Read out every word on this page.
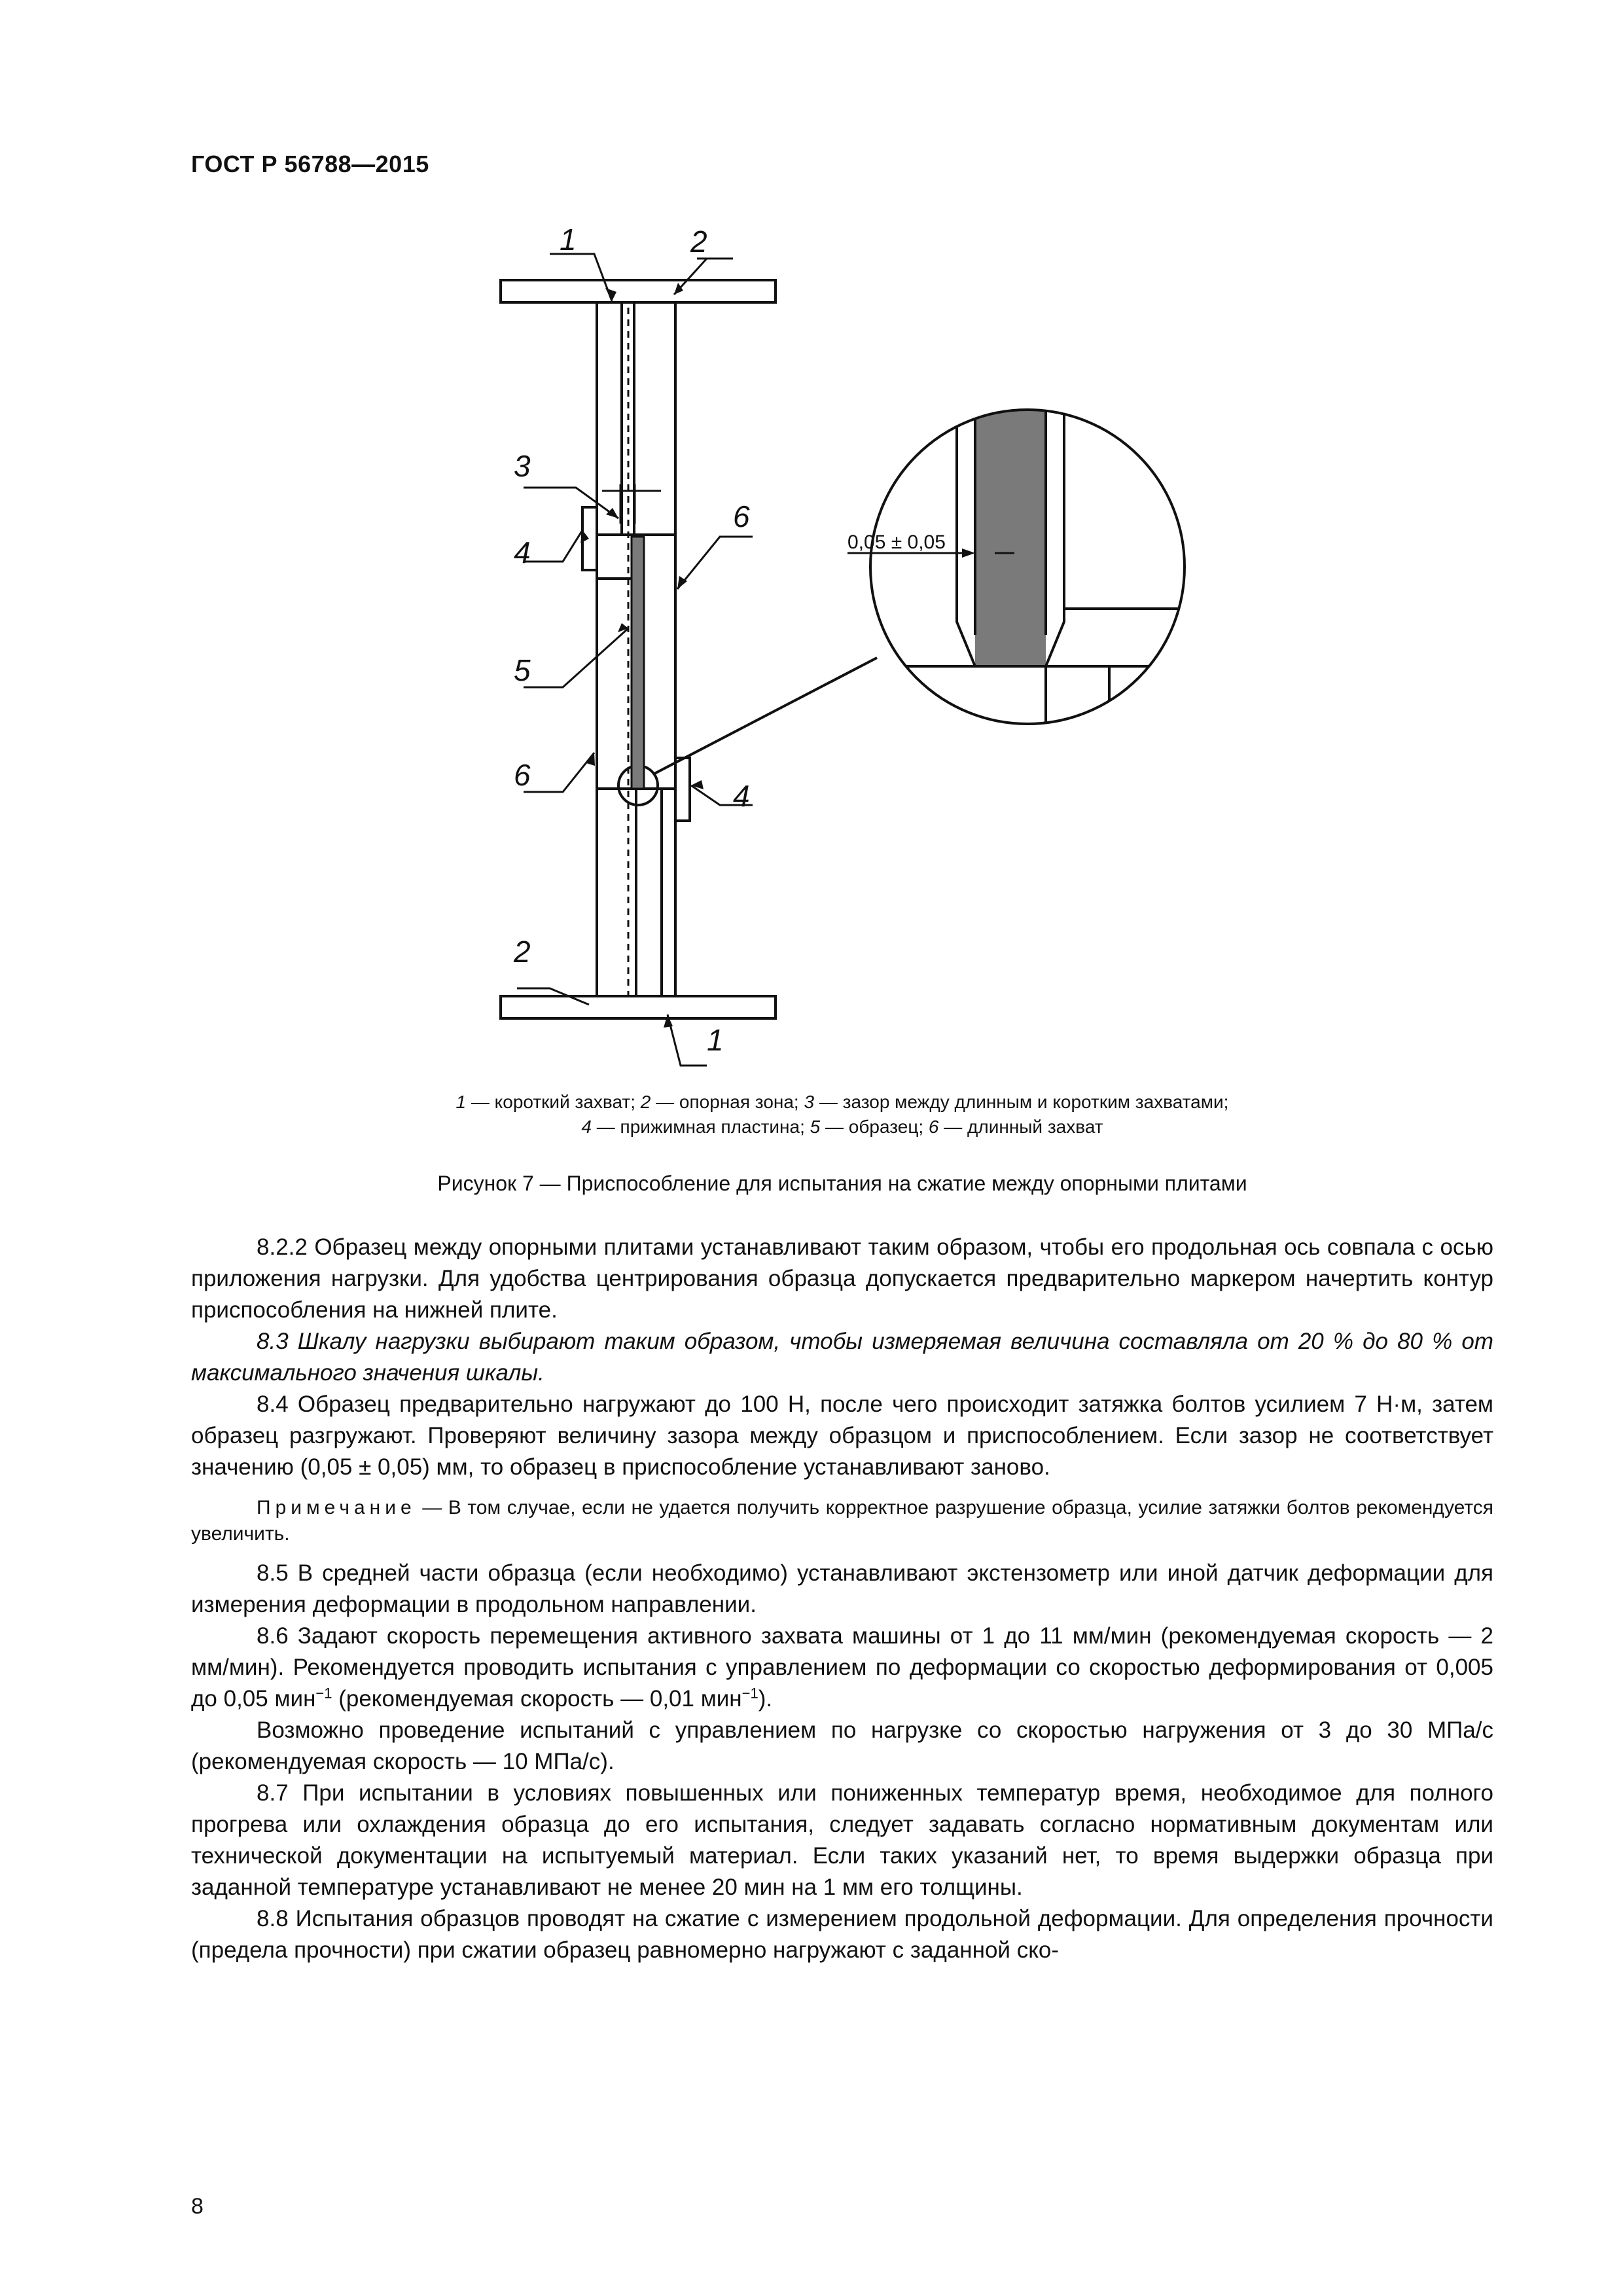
ГОСТ Р 56788—2015
0,05 ± 0,05
1	2
3
4
6
5
6
4
2
1
1 — короткий захват; 2 — опорная зона; 3 — зазор между длинным и коротким захватами;
4 — прижимная пластина; 5 — образец; 6 — длинный захват
Рисунок 7 — Приспособление для испытания на сжатие между опорными плитами

8.2.2 Образец между опорными плитами устанавливают таким образом, чтобы его продольная ось совпала с осью приложения нагрузки. Для удобства центрирования образца допускается предварительно маркером начертить контур приспособления на нижней плите.

8.3 Шкалу нагрузки выбирают таким образом, чтобы измеряемая величина составляла от 20 % до 80 % от максимального значения шкалы.

8.4 Образец предварительно нагружают до 100 Н, после чего происходит затяжка болтов усилием 7 Н·м, затем образец разгружают. Проверяют величину зазора между образцом и приспособлением. Если зазор не соответствует значению (0,05 ± 0,05) мм, то образец в приспособление устанавливают заново.

Примечание — В том случае, если не удается получить корректное разрушение образца, усилие затяжки болтов рекомендуется увеличить.

8.5 В средней части образца (если необходимо) устанавливают экстензометр или иной датчик деформации для измерения деформации в продольном направлении.

8.6 Задают скорость перемещения активного захвата машины от 1 до 11 мм/мин (рекомендуемая скорость — 2 мм/мин). Рекомендуется проводить испытания с управлением по деформации со скоростью деформирования от 0,005 до 0,05 мин$^{-1}$ (рекомендуемая скорость — 0,01 мин$^{-1}$).

Возможно проведение испытаний с управлением по нагрузке со скоростью нагружения от 3 до 30 МПа/с (рекомендуемая скорость — 10 МПа/с).

8.7 При испытании в условиях повышенных или пониженных температур время, необходимое для полного прогрева или охлаждения образца до его испытания, следует задавать согласно нормативным документам или технической документации на испытуемый материал. Если таких указаний нет, то время выдержки образца при заданной температуре устанавливают не менее 20 мин на 1 мм его толщины.

8.8 Испытания образцов проводят на сжатие с измерением продольной деформации. Для определения прочности (предела прочности) при сжатии образец равномерно нагружают с заданной ско-

8
